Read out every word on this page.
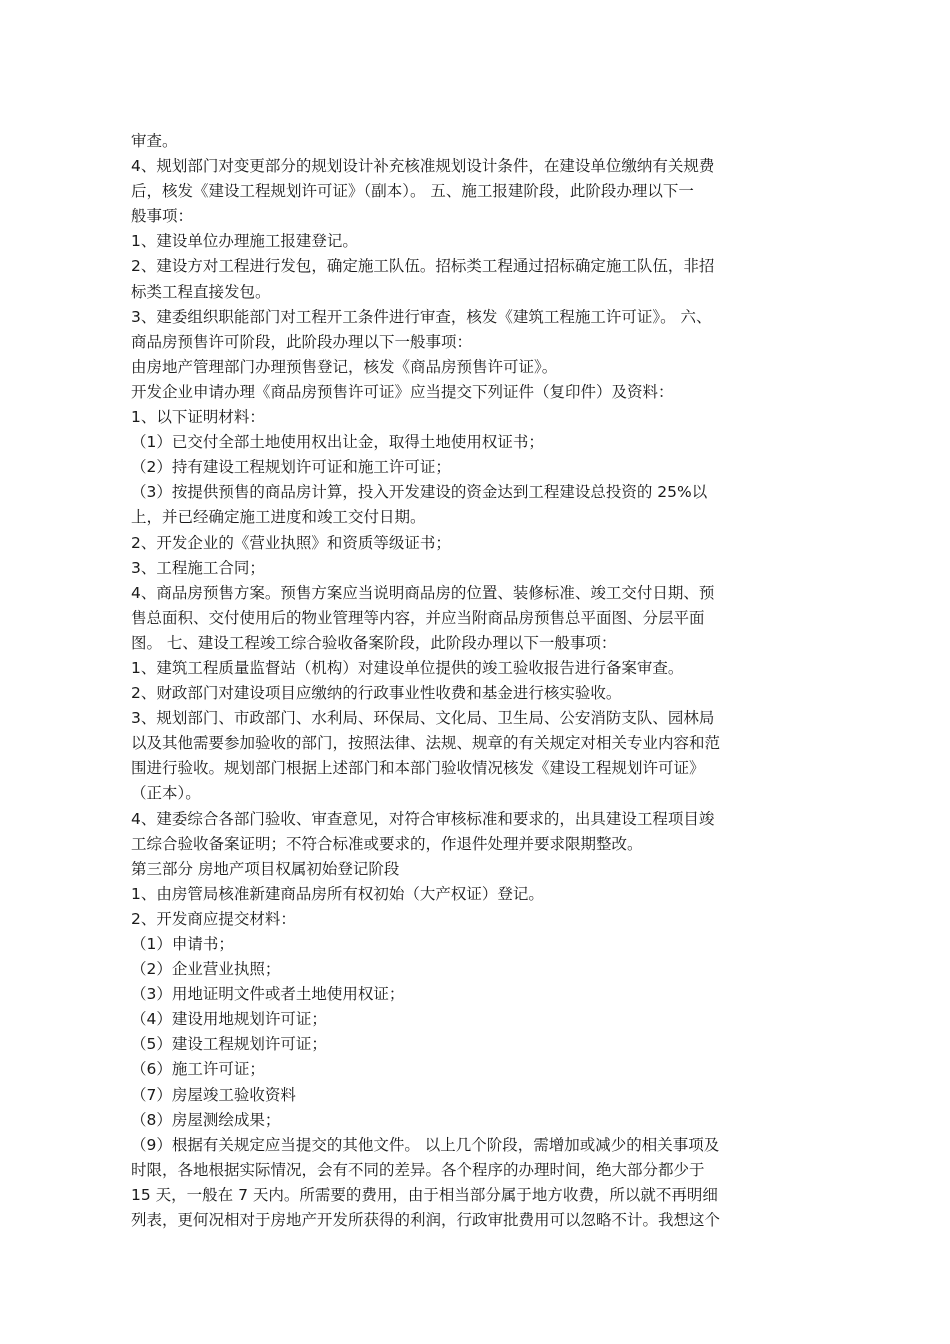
审查。
4、规划部门对变更部分的规划设计补充核准规划设计条件，在建设单位缴纳有关规费
后，核发《建设工程规划许可证》（副本）。 五、施工报建阶段，此阶段办理以下一
般事项：
1、建设单位办理施工报建登记。
2、建设方对工程进行发包，确定施工队伍。招标类工程通过招标确定施工队伍，非招
标类工程直接发包。
3、建委组织职能部门对工程开工条件进行审查，核发《建筑工程施工许可证》。 六、
商品房预售许可阶段，此阶段办理以下一般事项：
由房地产管理部门办理预售登记，核发《商品房预售许可证》。
开发企业申请办理《商品房预售许可证》应当提交下列证件（复印件）及资料：
1、以下证明材料：
（1）已交付全部土地使用权出让金，取得土地使用权证书；
（2）持有建设工程规划许可证和施工许可证；
（3）按提供预售的商品房计算，投入开发建设的资金达到工程建设总投资的 25%以
上，并已经确定施工进度和竣工交付日期。
2、开发企业的《营业执照》和资质等级证书；
3、工程施工合同；
4、商品房预售方案。预售方案应当说明商品房的位置、装修标准、竣工交付日期、预
售总面积、交付使用后的物业管理等内容，并应当附商品房预售总平面图、分层平面
图。 七、建设工程竣工综合验收备案阶段，此阶段办理以下一般事项：
1、建筑工程质量监督站（机构）对建设单位提供的竣工验收报告进行备案审查。
2、财政部门对建设项目应缴纳的行政事业性收费和基金进行核实验收。
3、规划部门、市政部门、水利局、环保局、文化局、卫生局、公安消防支队、园林局
以及其他需要参加验收的部门，按照法律、法规、规章的有关规定对相关专业内容和范
围进行验收。规划部门根据上述部门和本部门验收情况核发《建设工程规划许可证》
（正本）。
4、建委综合各部门验收、审查意见，对符合审核标准和要求的，出具建设工程项目竣
工综合验收备案证明；不符合标准或要求的，作退件处理并要求限期整改。
第三部分 房地产项目权属初始登记阶段
1、由房管局核准新建商品房所有权初始（大产权证）登记。
2、开发商应提交材料：
（1）申请书；
（2）企业营业执照；
（3）用地证明文件或者土地使用权证；
（4）建设用地规划许可证；
（5）建设工程规划许可证；
（6）施工许可证；
（7）房屋竣工验收资料
（8）房屋测绘成果；
（9）根据有关规定应当提交的其他文件。 以上几个阶段，需增加或减少的相关事项及
时限，各地根据实际情况，会有不同的差异。各个程序的办理时间，绝大部分都少于
15 天，一般在 7 天内。所需要的费用，由于相当部分属于地方收费，所以就不再明细
列表，更何况相对于房地产开发所获得的利润，行政审批费用可以忽略不计。我想这个
